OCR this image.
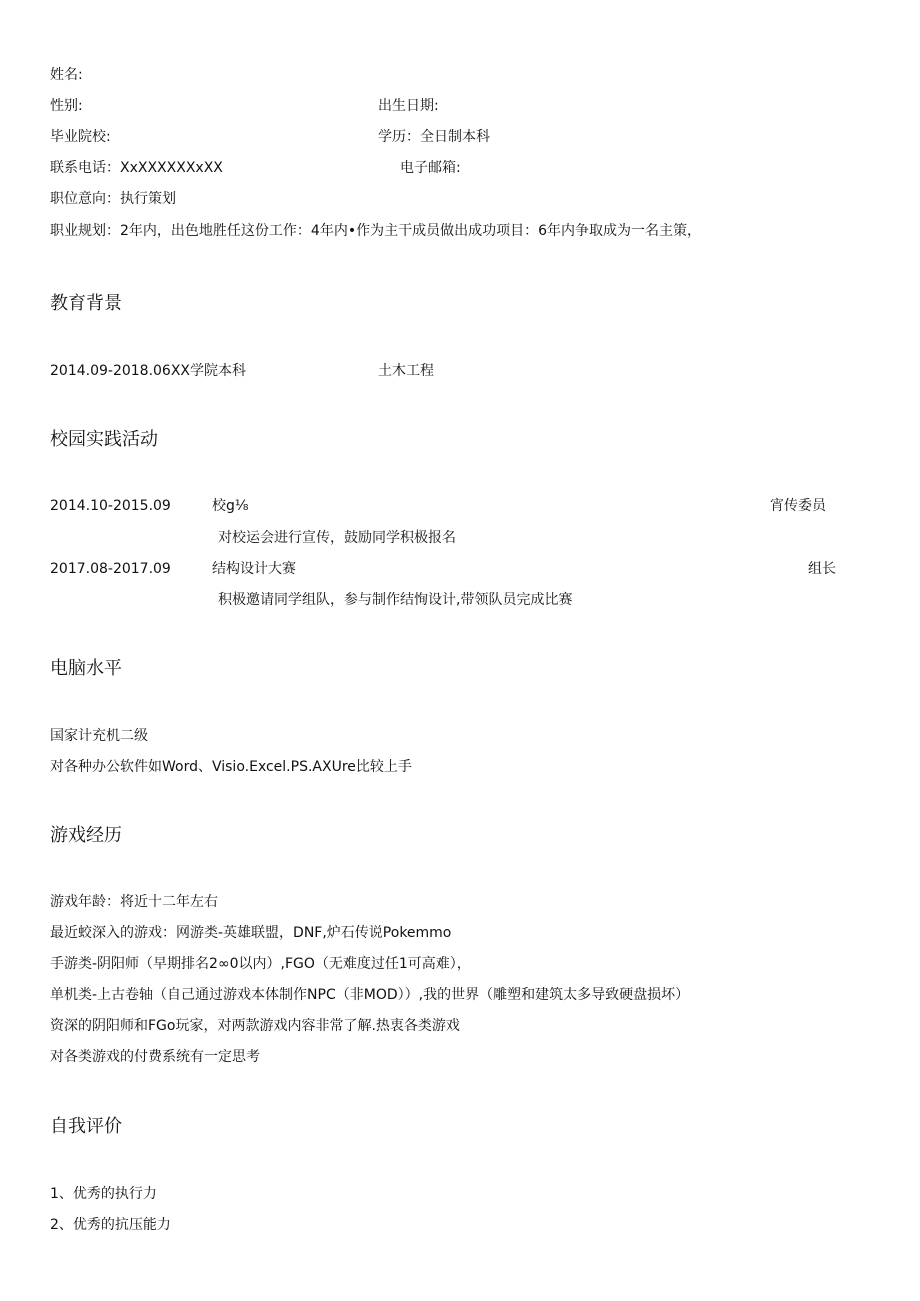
姓名:
性别:	出生日期:
毕业院校:	学历：全日制本科
联系电话：XxXXXXXXxXX	电子邮箱:
职位意向：执行策划
职业规划：2年内，出色地胜任这份工作：4年内•作为主干成员做出成功项目：6年内争取成为一名主策，
教育背景
2014.09-2018.06XX学院本科	土木工程
校园实践活动
2014.10-2015.09	校g⅛	宵传委员
对校运会进行宣传，鼓励同学积极报名
2017.08-2017.09	结构设计大赛	组长
积极邀请同学组队，参与制作结恂设计,带领队员完成比赛
电脑水平
国家计充机二级
对各种办公软件如Word、Visio.Excel.PS.AXUre比较上手
游戏经历
游戏年龄：将近十二年左右
最近蛟深入的游戏：网游类-英雄联盟，DNF,炉石传说Pokemmo
手游类-阴阳师（早期排名2∞0以内）,FGO（无难度过任1可高难），
单机类-上古卷轴（自己通过游戏本体制作NPC（非MOD））,我的世界（雕塑和建筑太多导致硬盘损坏）
资深的阴阳师和FGo玩家，对两款游戏内容非常了解.热衷各类游戏
对各类游戏的付费系统有一定思考
自我评价
1、优秀的执行力
2、优秀的抗压能力
